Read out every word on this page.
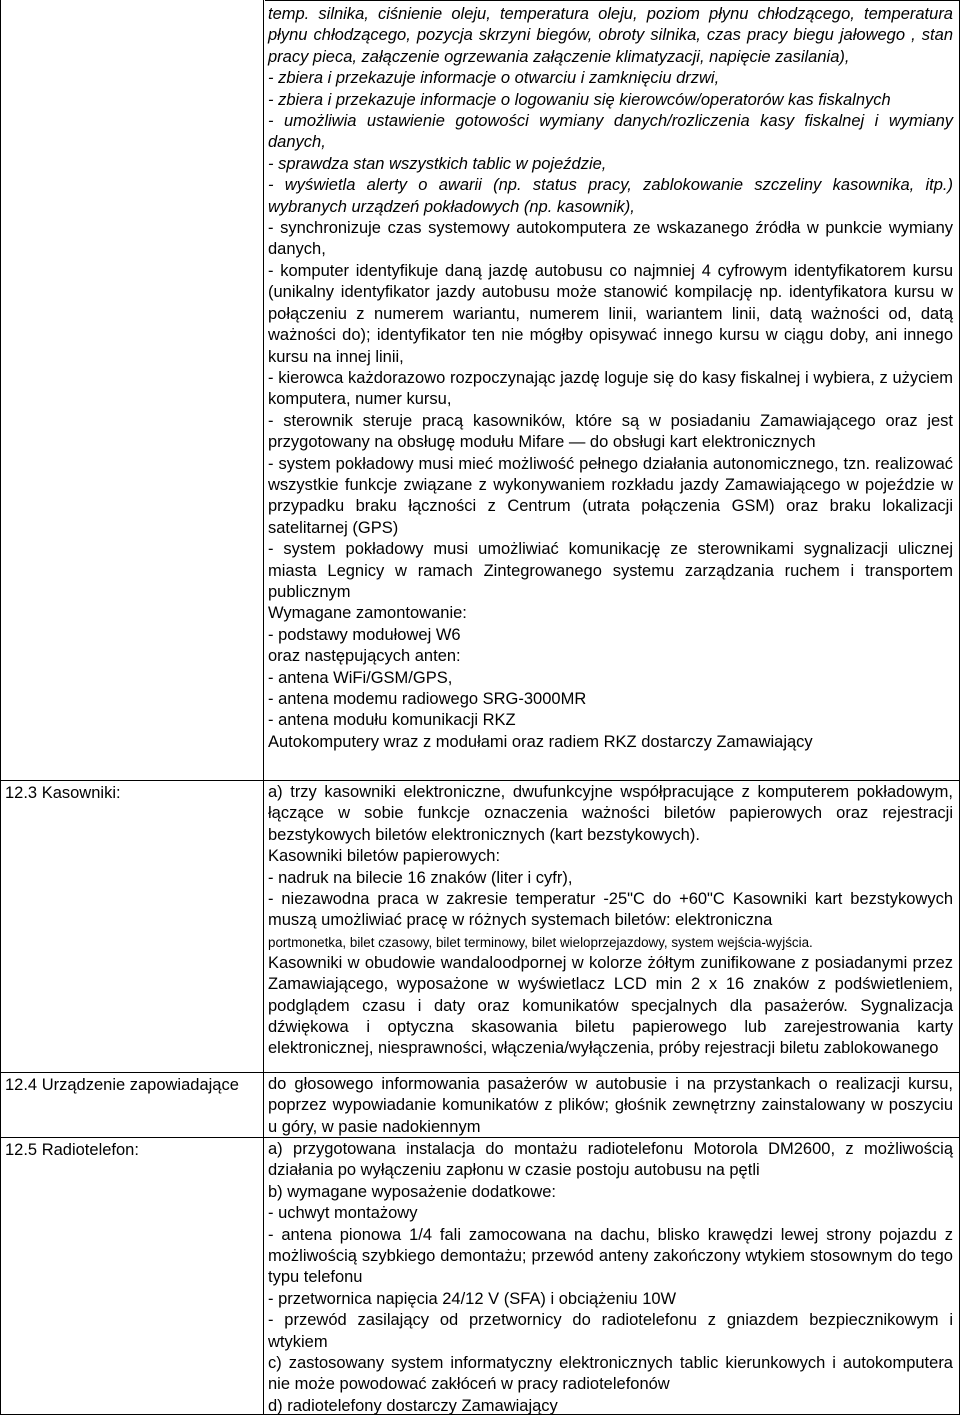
temp. silnika, ciśnienie oleju, temperatura oleju, poziom płynu chłodzącego, temperatura płynu chłodzącego, pozycja skrzyni biegów, obroty silnika, czas pracy biegu jałowego , stan pracy pieca, załączenie ogrzewania załączenie klimatyzacji, napięcie zasilania),

- zbiera i przekazuje informacje o otwarciu i zamknięciu drzwi,

- zbiera i przekazuje informacje o logowaniu się kierowców/operatorów kas fiskalnych

- umożliwia ustawienie gotowości wymiany danych/rozliczenia kasy fiskalnej i wymiany danych,

- sprawdza stan wszystkich tablic w pojeździe,

- wyświetla alerty o awarii (np. status pracy, zablokowanie szczeliny kasownika, itp.) wybranych urządzeń pokładowych (np. kasownik),

- synchronizuje czas systemowy autokomputera ze wskazanego źródła w punkcie wymiany danych,

- komputer identyfikuje daną jazdę autobusu co najmniej 4 cyfrowym identyfikatorem kursu (unikalny identyfikator jazdy autobusu może stanowić kompilację np. identyfikatora kursu w połączeniu z numerem wariantu, numerem linii, wariantem linii, datą ważności od, datą ważności do); identyfikator ten nie mógłby opisywać innego kursu w ciągu doby, ani innego kursu na innej linii,

- kierowca każdorazowo rozpoczynając jazdę loguje się do kasy fiskalnej i wybiera, z użyciem komputera, numer kursu,

- sterownik steruje pracą kasowników, które są w posiadaniu Zamawiającego oraz jest przygotowany na obsługę modułu Mifare — do obsługi kart elektronicznych

- system pokładowy musi mieć możliwość pełnego działania autonomicznego, tzn. realizować wszystkie funkcje związane z wykonywaniem rozkładu jazdy Zamawiającego w pojeździe w przypadku braku łączności z Centrum (utrata połączenia GSM) oraz braku lokalizacji satelitarnej (GPS)

- system pokładowy musi umożliwiać komunikację ze sterownikami sygnalizacji ulicznej miasta Legnicy w ramach Zintegrowanego systemu zarządzania ruchem i transportem publicznym

Wymagane zamontowanie:

- podstawy modułowej W6

oraz następujących anten:

- antena WiFi/GSM/GPS,

- antena modemu radiowego SRG-3000MR

- antena modułu komunikacji RKZ

Autokomputery wraz z modułami oraz radiem RKZ dostarczy Zamawiający

12.3 Kasowniki:	a) trzy kasowniki elektroniczne, dwufunkcyjne współpracujące z komputerem pokładowym, łączące w sobie funkcje oznaczenia ważności biletów papierowych oraz rejestracji bezstykowych biletów elektronicznych (kart bezstykowych).

Kasowniki biletów papierowych:

- nadruk na bilecie 16 znaków (liter i cyfr),

- niezawodna praca w zakresie temperatur -25"C do +60"C Kasowniki kart bezstykowych muszą umożliwiać pracę w różnych systemach biletów: elektroniczna

portmonetka, bilet czasowy, bilet terminowy, bilet wieloprzejazdowy, system wejścia-wyjścia.

Kasowniki w obudowie wandaloodpornej w kolorze żółtym zunifikowane z posiadanymi przez Zamawiającego, wyposażone w wyświetlacz LCD min 2 x 16 znaków z podświetleniem, podglądem czasu i daty oraz komunikatów specjalnych dla pasażerów. Sygnalizacja dźwiękowa i optyczna skasowania biletu papierowego lub zarejestrowania karty elektronicznej, niesprawności, włączenia/wyłączenia, próby rejestracji biletu zablokowanego

12.4 Urządzenie zapowiadające	do głosowego informowania pasażerów w autobusie i na przystankach o realizacji kursu, poprzez wypowiadanie komunikatów z plików; głośnik zewnętrzny zainstalowany w poszyciu u góry, w pasie nadokiennym

12.5 Radiotelefon:	a) przygotowana instalacja do montażu radiotelefonu Motorola DM2600, z możliwością działania po wyłączeniu zapłonu w czasie postoju autobusu na pętli

b) wymagane wyposażenie dodatkowe:

- uchwyt montażowy

- antena pionowa 1/4 fali zamocowana na dachu, blisko krawędzi lewej strony pojazdu z możliwością szybkiego demontażu; przewód anteny zakończony wtykiem stosownym do tego typu telefonu

- przetwornica napięcia 24/12 V (SFA) i obciążeniu 10W

- przewód zasilający od przetwornicy do radiotelefonu z gniazdem bezpiecznikowym i wtykiem

c) zastosowany system informatyczny elektronicznych tablic kierunkowych i autokomputera nie może powodować zakłóceń w pracy radiotelefonów

d) radiotelefony dostarczy Zamawiający
